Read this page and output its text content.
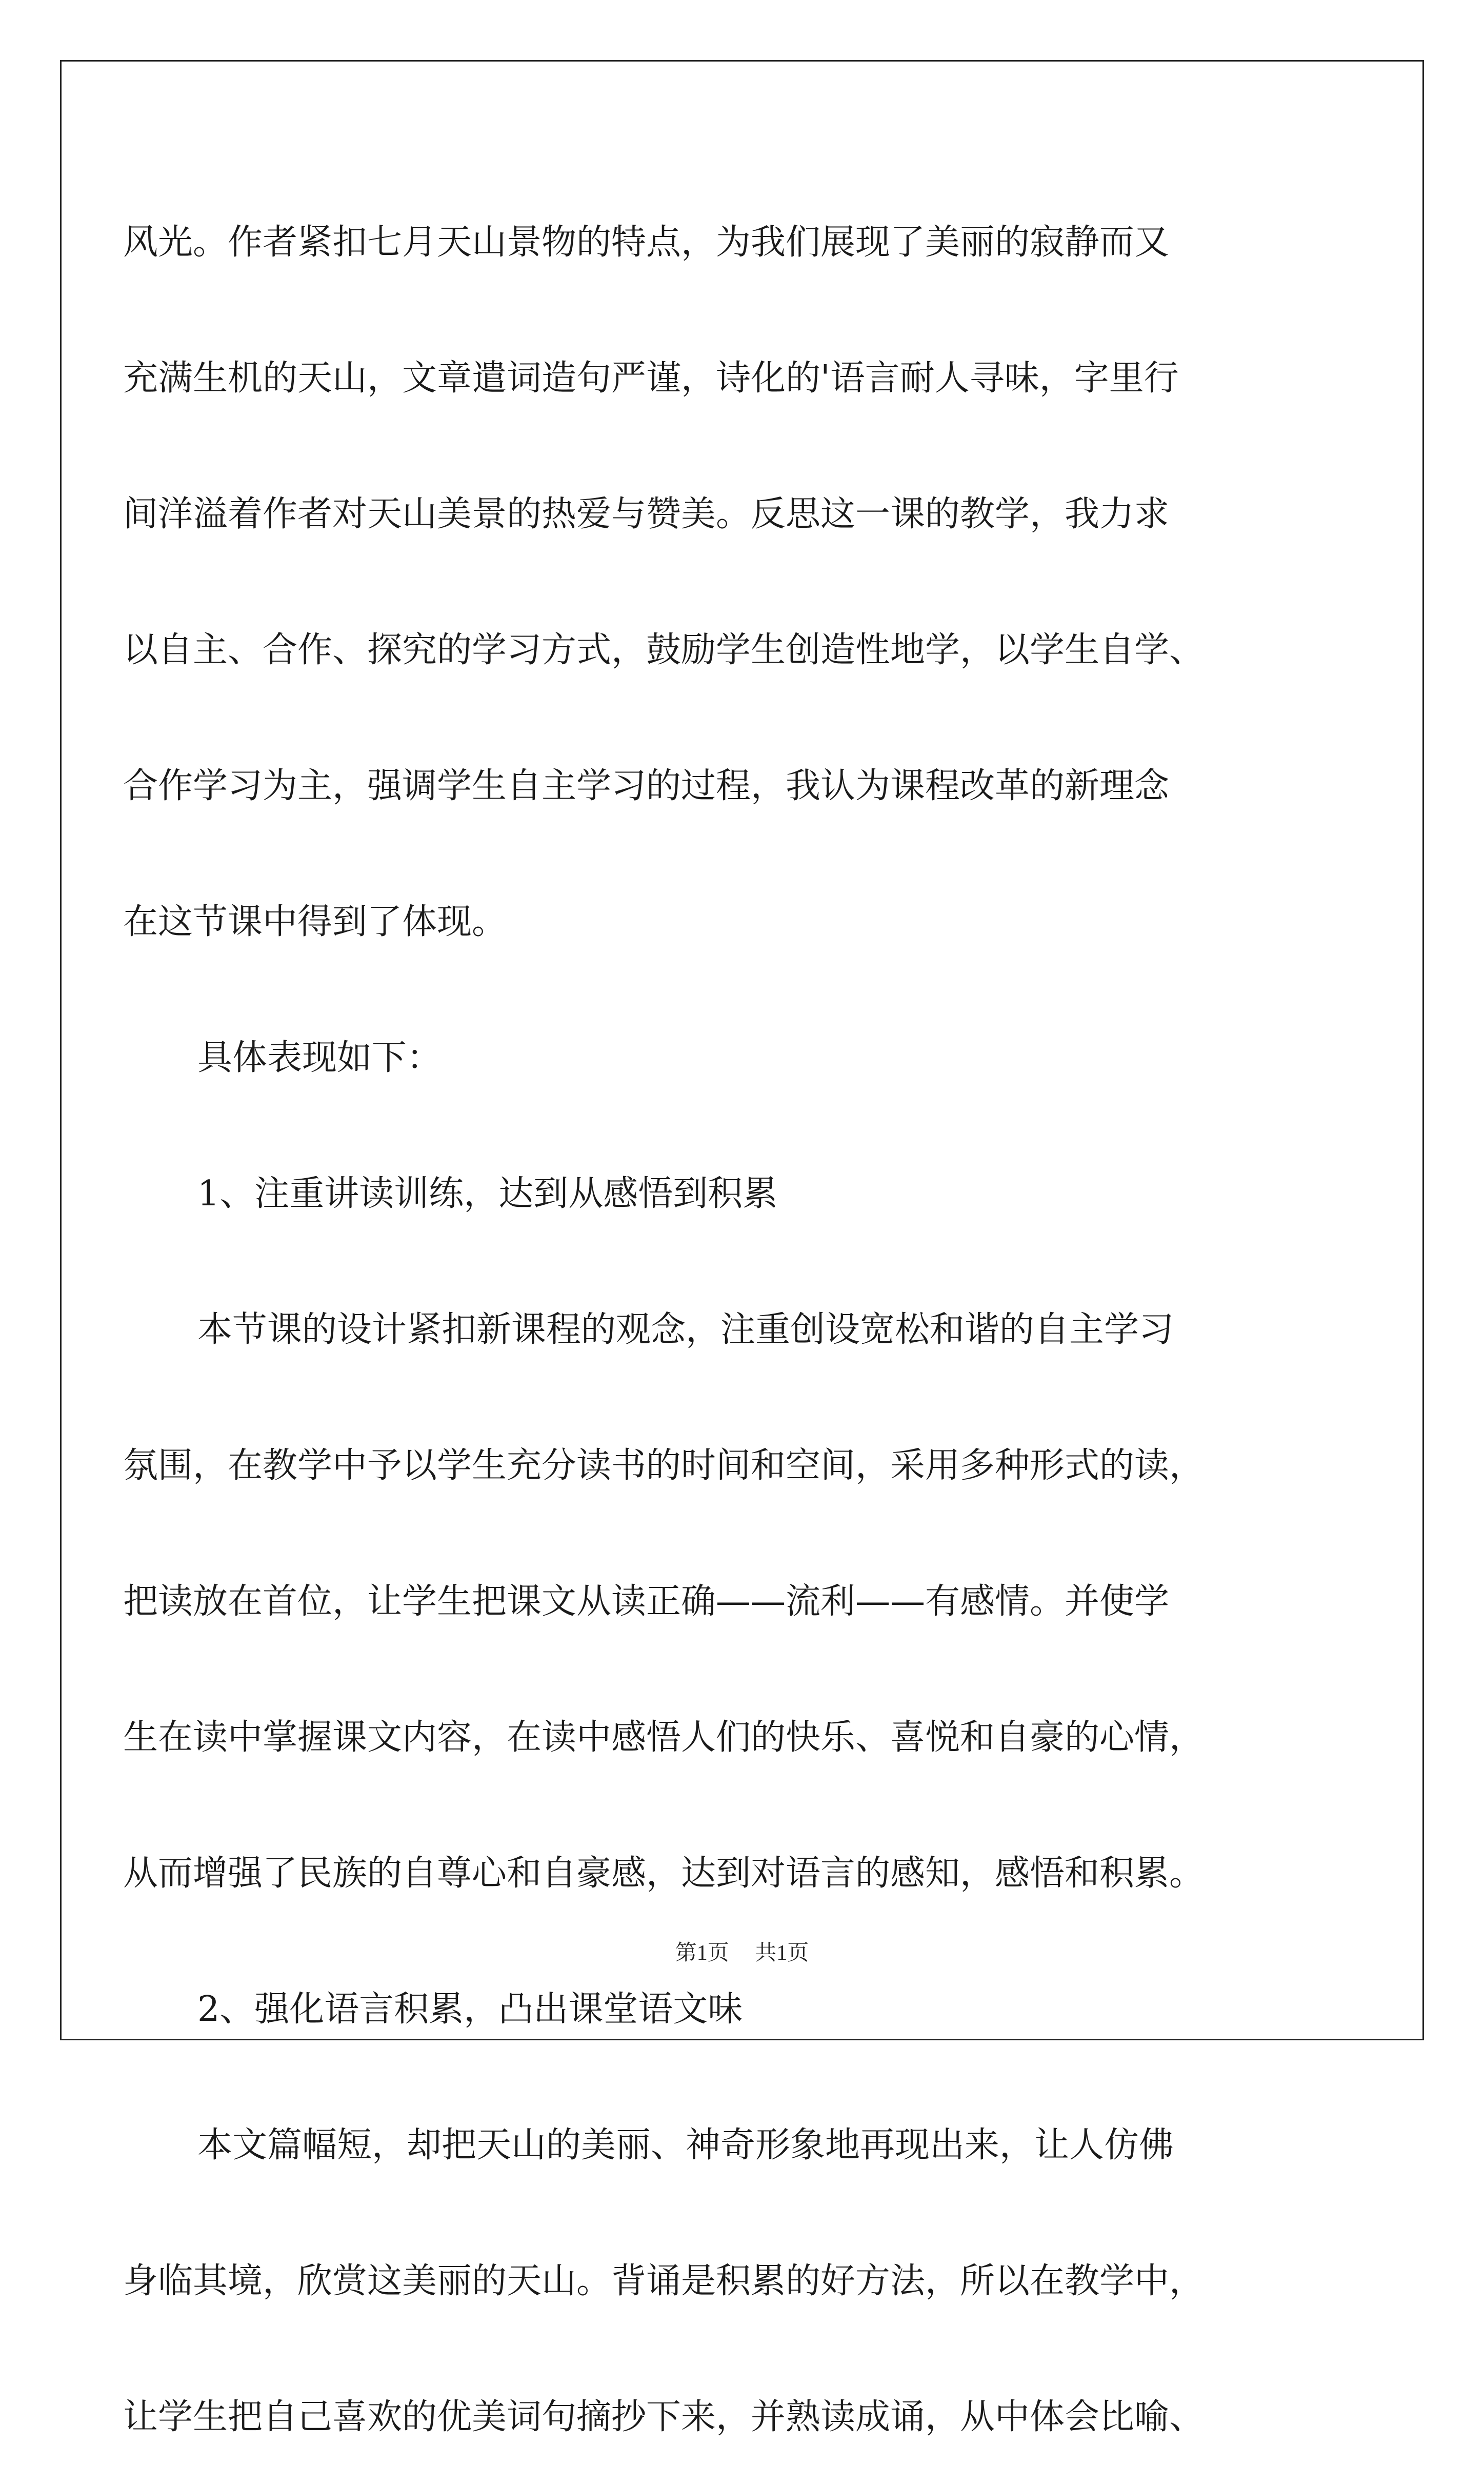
风光。作者紧扣七月天山景物的特点，为我们展现了美丽的寂静而又
充满生机的天山，文章遣词造句严谨，诗化的'语言耐人寻味，字里行
间洋溢着作者对天山美景的热爱与赞美。反思这一课的教学，我力求
以自主、合作、探究的学习方式，鼓励学生创造性地学，以学生自学、
合作学习为主，强调学生自主学习的过程，我认为课程改革的新理念
在这节课中得到了体现。
具体表现如下：
1、注重讲读训练，达到从感悟到积累
本节课的设计紧扣新课程的观念，注重创设宽松和谐的自主学习
氛围，在教学中予以学生充分读书的时间和空间，采用多种形式的读，
把读放在首位，让学生把课文从读正确——流利——有感情。并使学
生在读中掌握课文内容，在读中感悟人们的快乐、喜悦和自豪的心情，
从而增强了民族的自尊心和自豪感，达到对语言的感知，感悟和积累。
2、强化语言积累，凸出课堂语文味
本文篇幅短，却把天山的美丽、神奇形象地再现出来，让人仿佛
身临其境，欣赏这美丽的天山。背诵是积累的好方法，所以在教学中，
让学生把自己喜欢的优美词句摘抄下来，并熟读成诵，从中体会比喻、
第1页 共1页
